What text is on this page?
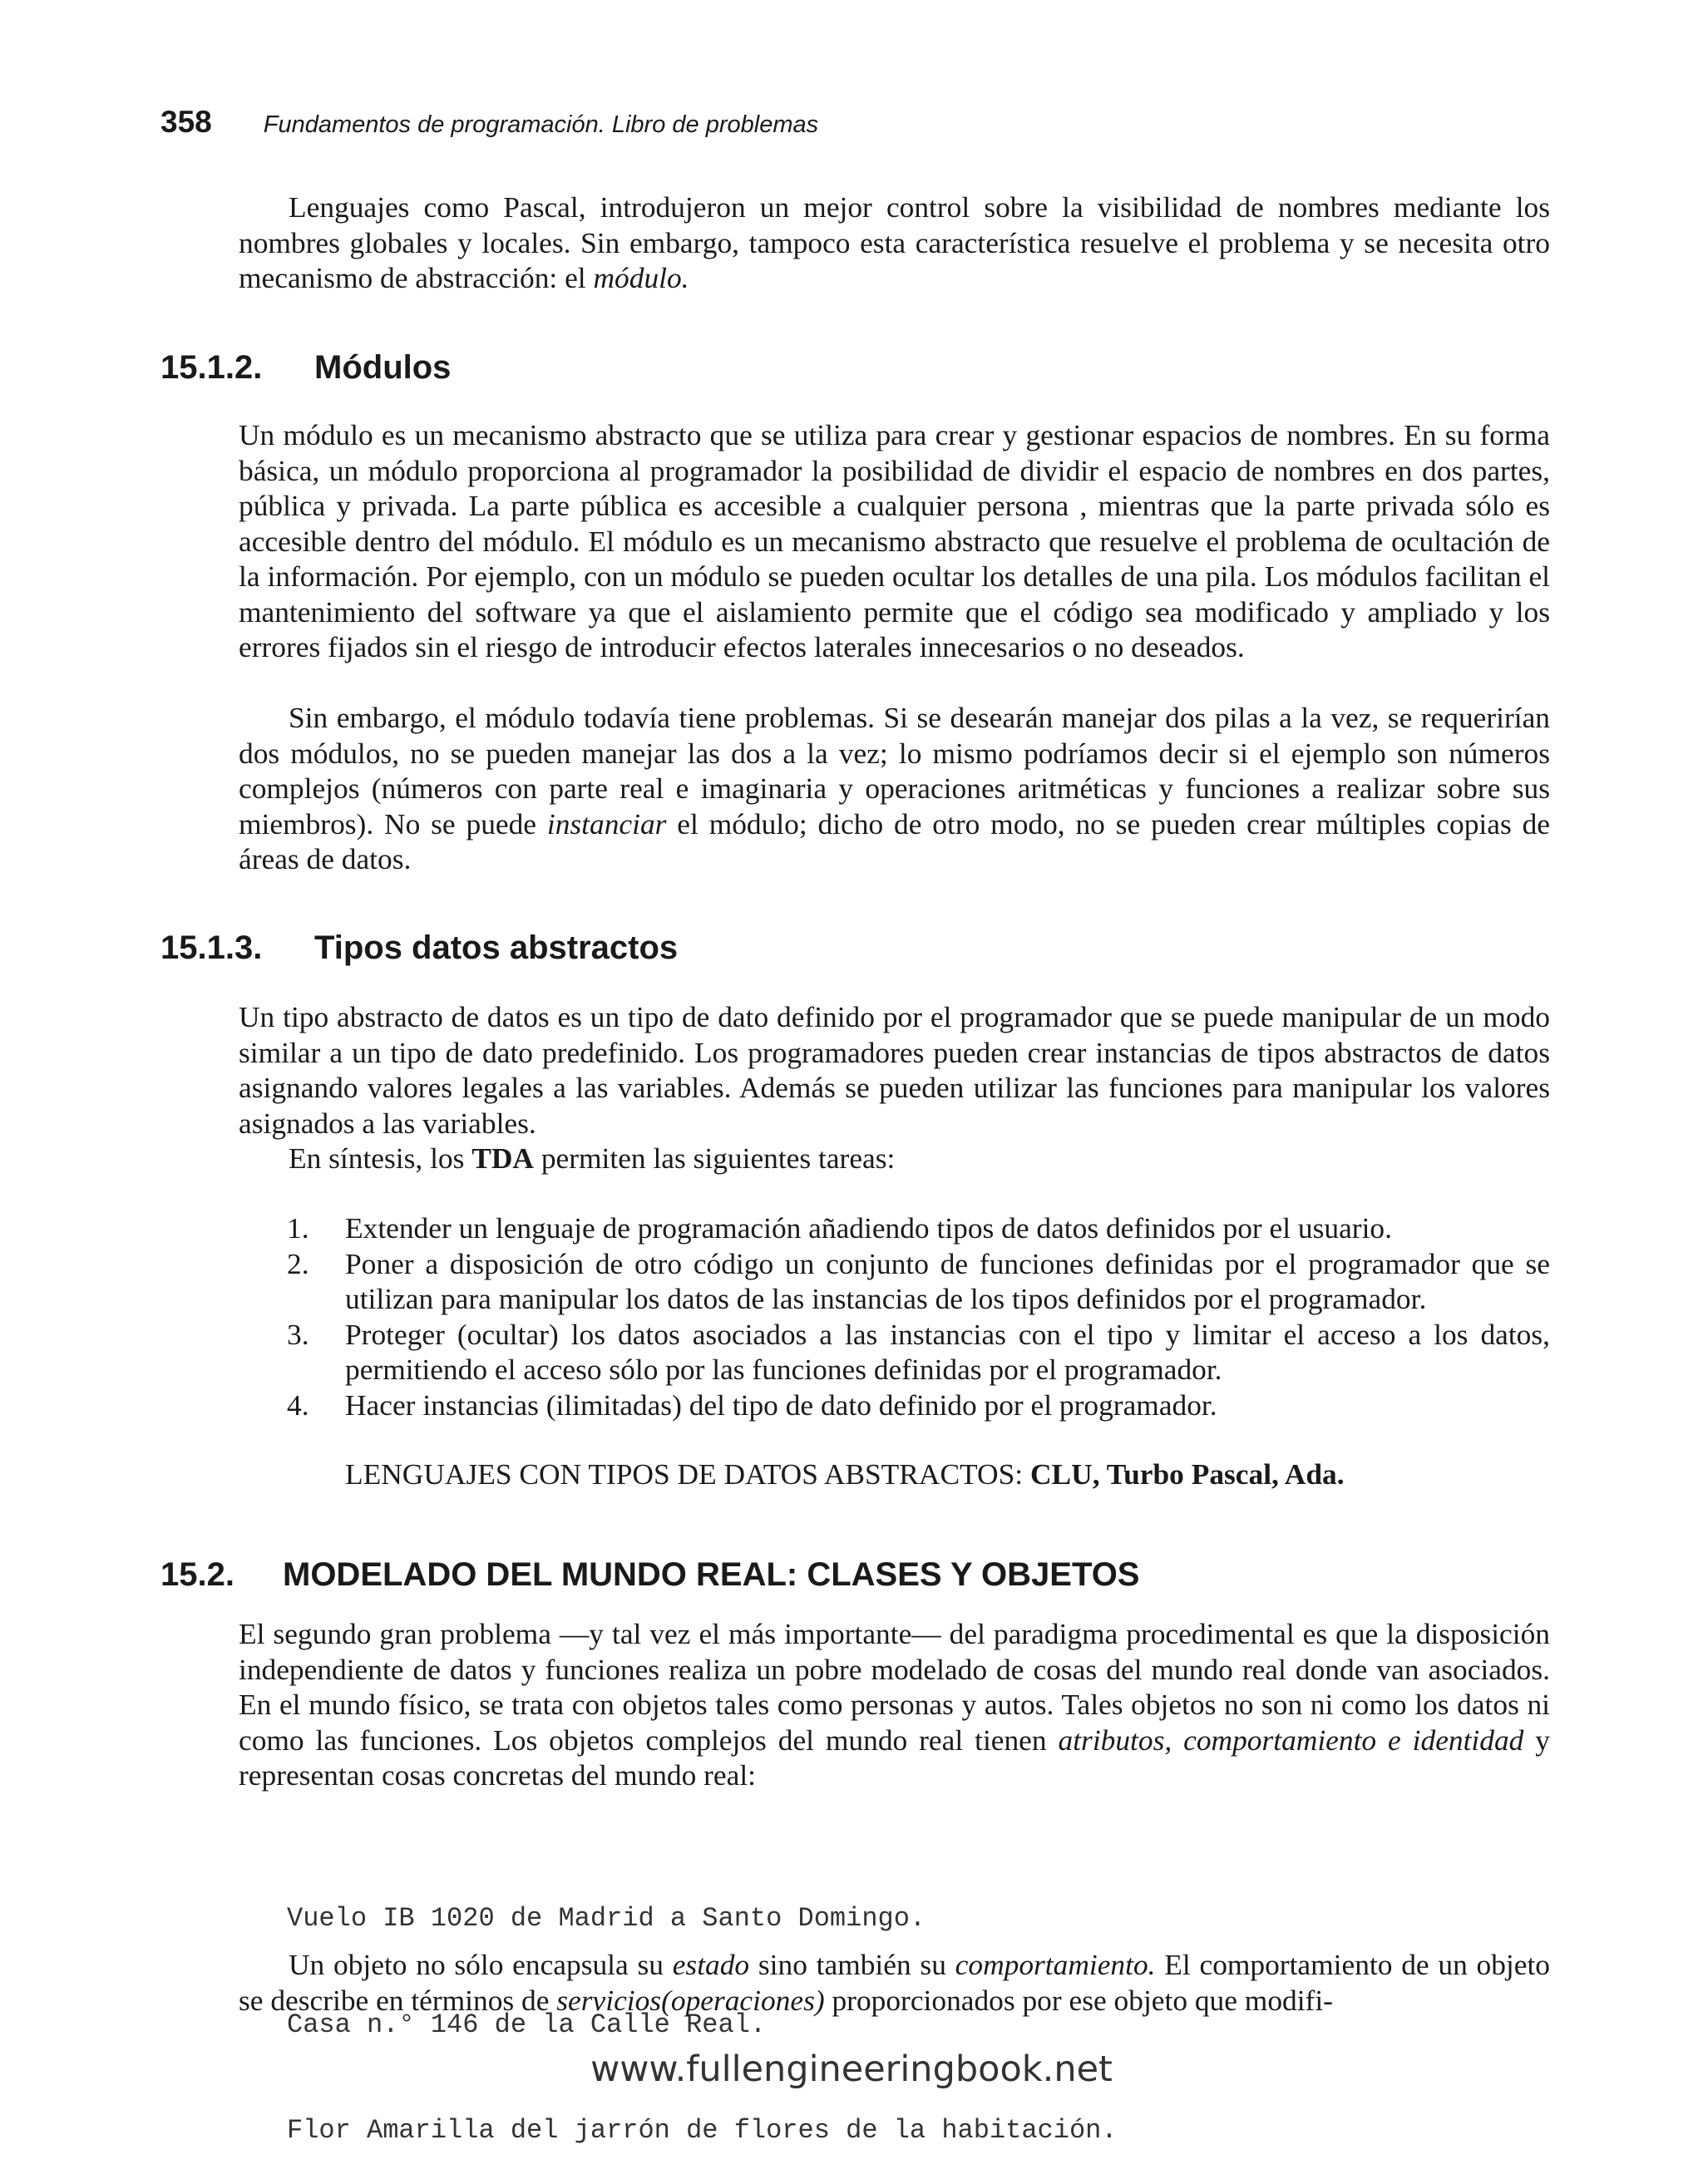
358 Fundamentos de programación. Libro de problemas

Lenguajes como Pascal, introdujeron un mejor control sobre la visibilidad de nombres mediante los nombres globales y locales. Sin embargo, tampoco esta característica resuelve el problema y se necesita otro mecanismo de abstracción: el módulo.

15.1.2. Módulos

Un módulo es un mecanismo abstracto que se utiliza para crear y gestionar espacios de nombres. En su forma básica, un módulo proporciona al programador la posibilidad de dividir el espacio de nombres en dos partes, pública y privada. La parte pública es accesible a cualquier persona , mientras que la parte privada sólo es accesible dentro del módulo. El módulo es un mecanismo abstracto que resuelve el problema de ocultación de la información. Por ejemplo, con un módulo se pueden ocultar los detalles de una pila. Los módulos facilitan el mantenimiento del software ya que el aislamiento permite que el código sea modificado y ampliado y los errores fijados sin el riesgo de introducir efectos laterales innecesarios o no deseados.

Sin embargo, el módulo todavía tiene problemas. Si se desearán manejar dos pilas a la vez, se requerirían dos módulos, no se pueden manejar las dos a la vez; lo mismo podríamos decir si el ejemplo son números complejos (números con parte real e imaginaria y operaciones aritméticas y funciones a realizar sobre sus miembros). No se puede instanciar el módulo; dicho de otro modo, no se pueden crear múltiples copias de áreas de datos.

15.1.3. Tipos datos abstractos

Un tipo abstracto de datos es un tipo de dato definido por el programador que se puede manipular de un modo similar a un tipo de dato predefinido. Los programadores pueden crear instancias de tipos abstractos de datos asignando valores legales a las variables. Además se pueden utilizar las funciones para manipular los valores asignados a las variables.

En síntesis, los TDA permiten las siguientes tareas:

1. Extender un lenguaje de programación añadiendo tipos de datos definidos por el usuario.
2. Poner a disposición de otro código un conjunto de funciones definidas por el programador que se utilizan para manipular los datos de las instancias de los tipos definidos por el programador.
3. Proteger (ocultar) los datos asociados a las instancias con el tipo y limitar el acceso a los datos, permitiendo el acceso sólo por las funciones definidas por el programador.
4. Hacer instancias (ilimitadas) del tipo de dato definido por el programador.

LENGUAJES CON TIPOS DE DATOS ABSTRACTOS: CLU, Turbo Pascal, Ada.

15.2. MODELADO DEL MUNDO REAL: CLASES Y OBJETOS

El segundo gran problema —y tal vez el más importante— del paradigma procedimental es que la disposición independiente de datos y funciones realiza un pobre modelado de cosas del mundo real donde van asociados. En el mundo físico, se trata con objetos tales como personas y autos. Tales objetos no son ni como los datos ni como las funciones. Los objetos complejos del mundo real tienen atributos, comportamiento e identidad y representan cosas concretas del mundo real:

Vuelo IB 1020 de Madrid a Santo Domingo.

Casa n.° 146 de la Calle Real.

Flor Amarilla del jarrón de flores de la habitación.

Un objeto no sólo encapsula su estado sino también su comportamiento. El comportamiento de un objeto se describe en términos de servicios(operaciones) proporcionados por ese objeto que modifi-

www.fullengineeringbook.net
